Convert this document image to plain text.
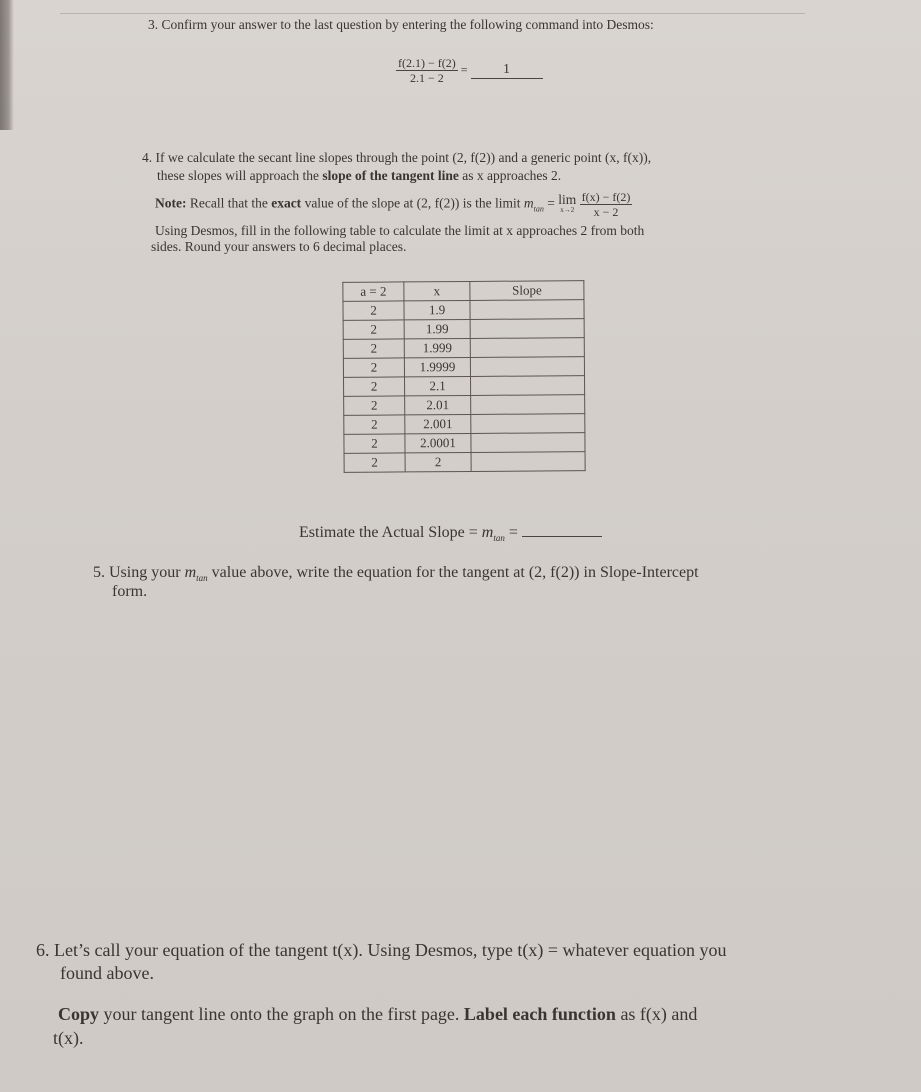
3. Confirm your answer to the last question by entering the following command into Desmos:
$\frac{f(2.1) - f(2)}{2.1 - 2}$ =	1
4. If we calculate the secant line slopes through the point (2, f(2)) and a generic point (x, f(x)),
these slopes will approach the slope of the tangent line as x approaches 2.
Note: Recall that the exact value of the slope at (2, f(2)) is the limit $m_{tan} = \lim$
x→2
$\frac{f(x) - f(2)}{x - 2}$
Using Desmos, fill in the following table to calculate the limit at x approaches 2 from both
sides. Round your answers to 6 decimal places.
a = 2	x	Slope
2	1.9	
2	1.99	
2	1.999	
2	1.9999	
2	2.1	
2	2.01	
2	2.001	
2	2.0001	
2	2	
Estimate the Actual Slope = $m_{tan}$ =
5. Using your $m_{tan}$ value above, write the equation for the tangent at (2, f(2)) in Slope-Intercept
form.
6. Let’s call your equation of the tangent t(x). Using Desmos, type t(x) = whatever equation you
found above.
Copy your tangent line onto the graph on the first page. Label each function as f(x) and
t(x).
